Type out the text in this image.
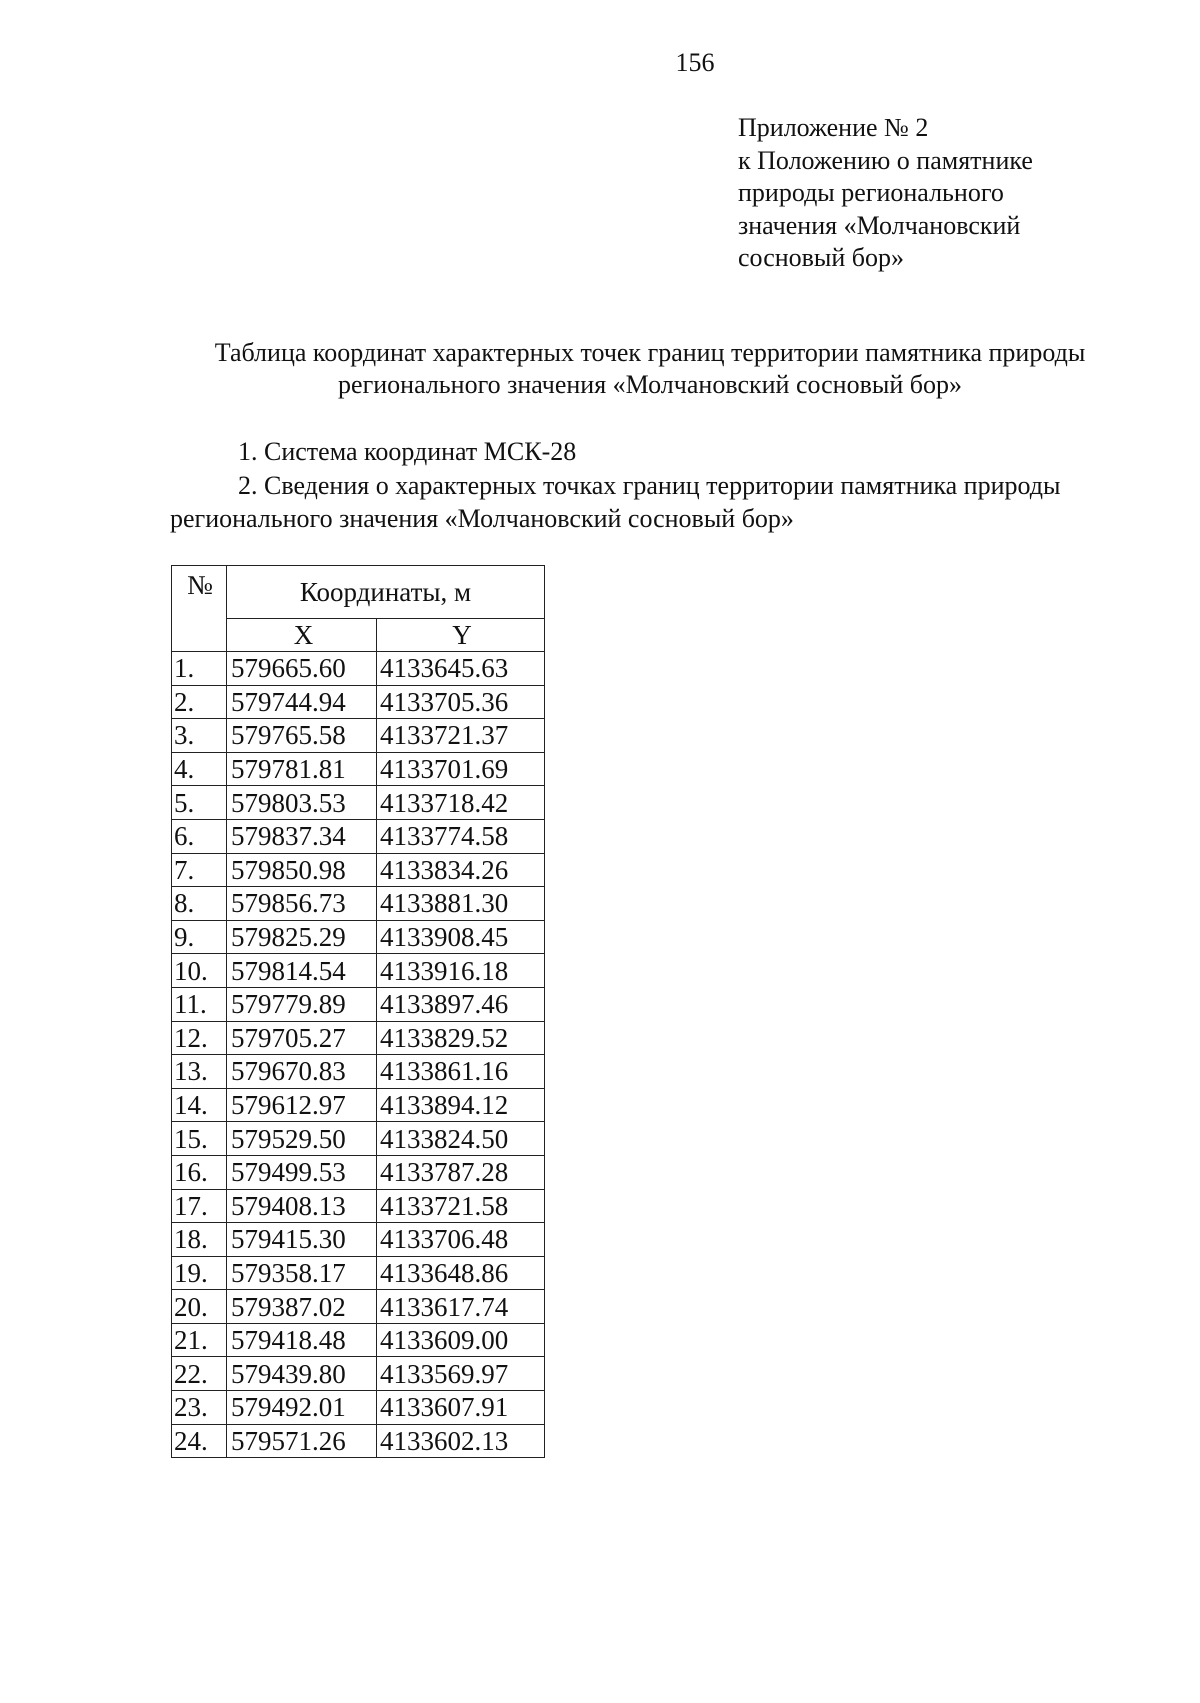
156
Приложение № 2
к Положению о памятнике
природы регионального
значения «Молчановский
сосновый бор»
Таблица координат характерных точек границ территории памятника природы
регионального значения «Молчановский сосновый бор»
1. Система координат МСК-28
2. Сведения о характерных точках границ территории памятника природы
регионального значения «Молчановский сосновый бор»
№	Координаты, м	
	X	Y
1.	579665.60	4133645.63
2.	579744.94	4133705.36
3.	579765.58	4133721.37
4.	579781.81	4133701.69
5.	579803.53	4133718.42
6.	579837.34	4133774.58
7.	579850.98	4133834.26
8.	579856.73	4133881.30
9.	579825.29	4133908.45
10.	579814.54	4133916.18
11.	579779.89	4133897.46
12.	579705.27	4133829.52
13.	579670.83	4133861.16
14.	579612.97	4133894.12
15.	579529.50	4133824.50
16.	579499.53	4133787.28
17.	579408.13	4133721.58
18.	579415.30	4133706.48
19.	579358.17	4133648.86
20.	579387.02	4133617.74
21.	579418.48	4133609.00
22.	579439.80	4133569.97
23.	579492.01	4133607.91
24.	579571.26	4133602.13
